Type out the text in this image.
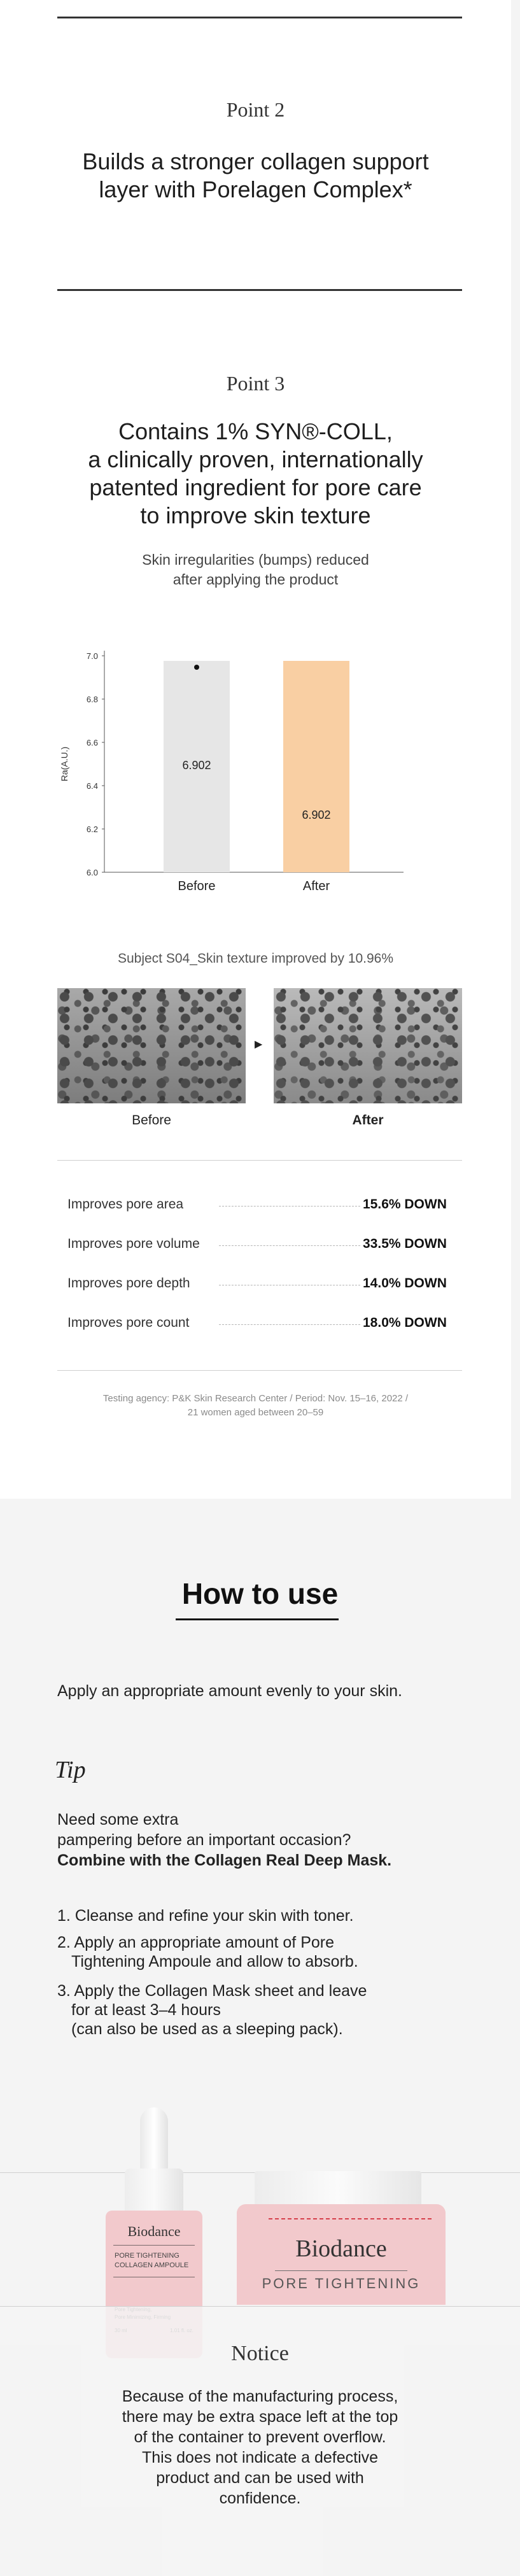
Point 2
Builds a stronger collagen support
layer with Porelagen Complex*
Point 3
Contains 1% SYN®-COLL,
a clinically proven, internationally
patented ingredient for pore care
to improve skin texture
Skin irregularities (bumps) reduced
after applying the product
6.0
6.2
6.4
6.6
6.8
7.0
Ra(A.U.)	6.902
Before
6.902
After
Subject S04_Skin texture improved by 10.96%
▶
Before	After
Improves pore area	15.6% DOWN
Improves pore volume	33.5% DOWN
Improves pore depth	14.0% DOWN
Improves pore count	18.0% DOWN
Testing agency: P&K Skin Research Center / Period: Nov. 15–16, 2022 /
21 women aged between 20–59
How to use
Apply an appropriate amount evenly to your skin.
Tip
Need some extra
pampering before an important occasion?
Combine with the Collagen Real Deep Mask.
1. Cleanse and refine your skin with toner.
2. Apply an appropriate amount of Pore
Tightening Ampoule and allow to absorb.
3. Apply the Collagen Mask sheet and leave
for at least 3–4 hours
(can also be used as a sleeping pack).
Biodance
PORE TIGHTENING
COLLAGEN AMPOULE
Biodance
PORE TIGHTENING
Notice
Because of the manufacturing process,
there may be extra space left at the top
of the container to prevent overflow.
This does not indicate a defective
product and can be used with
confidence.
